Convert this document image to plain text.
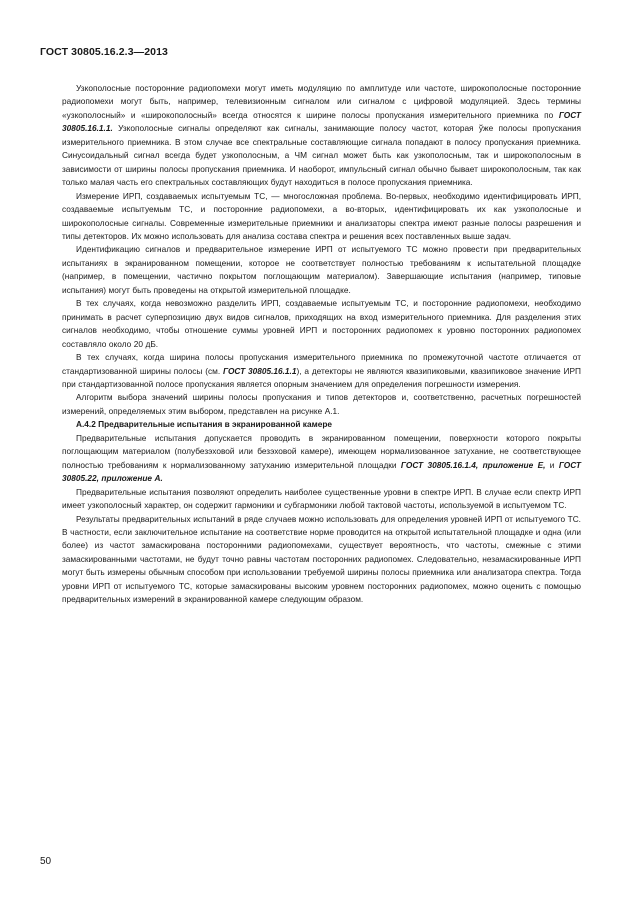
ГОСТ 30805.16.2.3—2013

Узкополосные посторонние радиопомехи могут иметь модуляцию по амплитуде или частоте, широкополосные посторонние радиопомехи могут быть, например, телевизионным сигналом или сигналом с цифровой модуляцией. Здесь термины «узкополосный» и «широкополосный» всегда относятся к ширине полосы пропускания измерительного приемника по ГОСТ 30805.16.1.1. Узкополосные сигналы определяют как сигналы, занимающие полосу частот, которая ўже полосы пропускания измерительного приемника. В этом случае все спектральные составляющие сигнала попадают в полосу пропускания приемника. Синусоидальный сигнал всегда будет узкополосным, а ЧМ сигнал может быть как узкополосным, так и широкополосным в зависимости от ширины полосы пропускания приемника. И наоборот, импульсный сигнал обычно бывает широкополосным, так как только малая часть его спектральных составляющих будут находиться в полосе пропускания приемника.

Измерение ИРП, создаваемых испытуемым ТС, — многосложная проблема. Во-первых, необходимо идентифицировать ИРП, создаваемые испытуемым ТС, и посторонние радиопомехи, а во-вторых, идентифицировать их как узкополосные и широкополосные сигналы. Современные измерительные приемники и анализаторы спектра имеют разные полосы разрешения и типы детекторов. Их можно использовать для анализа состава спектра и решения всех поставленных выше задач.

Идентификацию сигналов и предварительное измерение ИРП от испытуемого ТС можно провести при предварительных испытаниях в экранированном помещении, которое не соответствует полностью требованиям к испытательной площадке (например, в помещении, частично покрытом поглощающим материалом). Завершающие испытания (например, типовые испытания) могут быть проведены на открытой измерительной площадке.

В тех случаях, когда невозможно разделить ИРП, создаваемые испытуемым ТС, и посторонние радиопомехи, необходимо принимать в расчет суперпозицию двух видов сигналов, приходящих на вход измерительного приемника. Для разделения этих сигналов необходимо, чтобы отношение суммы уровней ИРП и посторонних радиопомех к уровню посторонних радиопомех составляло около 20 дБ.

В тех случаях, когда ширина полосы пропускания измерительного приемника по промежуточной частоте отличается от стандартизованной ширины полосы (см. ГОСТ 30805.16.1.1), а детекторы не являются квазипиковыми, квазипиковое значение ИРП при стандартизованной полосе пропускания является опорным значением для определения погрешности измерения.

Алгоритм выбора значений ширины полосы пропускания и типов детекторов и, соответственно, расчетных погрешностей измерений, определяемых этим выбором, представлен на рисунке А.1.

А.4.2 Предварительные испытания в экранированной камере

Предварительные испытания допускается проводить в экранированном помещении, поверхности которого покрыты поглощающим материалом (полубезэховой или безэховой камере), имеющем нормализованное затухание, не соответствующее полностью требованиям к нормализованному затуханию измерительной площадки ГОСТ 30805.16.1.4, приложение Е, и ГОСТ 30805.22, приложение А.

Предварительные испытания позволяют определить наиболее существенные уровни в спектре ИРП. В случае если спектр ИРП имеет узкополосный характер, он содержит гармоники и субгармоники любой тактовой частоты, используемой в испытуемом ТС.

Результаты предварительных испытаний в ряде случаев можно использовать для определения уровней ИРП от испытуемого ТС. В частности, если заключительное испытание на соответствие норме проводится на открытой испытательной площадке и одна (или более) из частот замаскирована посторонними радиопомехами, существует вероятность, что частоты, смежные с этими замаскированными частотами, не будут точно равны частотам посторонних радиопомех. Следовательно, незамаскированные ИРП могут быть измерены обычным способом при использовании требуемой ширины полосы приемника или анализатора спектра. Тогда уровни ИРП от испытуемого ТС, которые замаскированы высоким уровнем посторонних радиопомех, можно оценить с помощью предварительных измерений в экранированной камере следующим образом.

50
